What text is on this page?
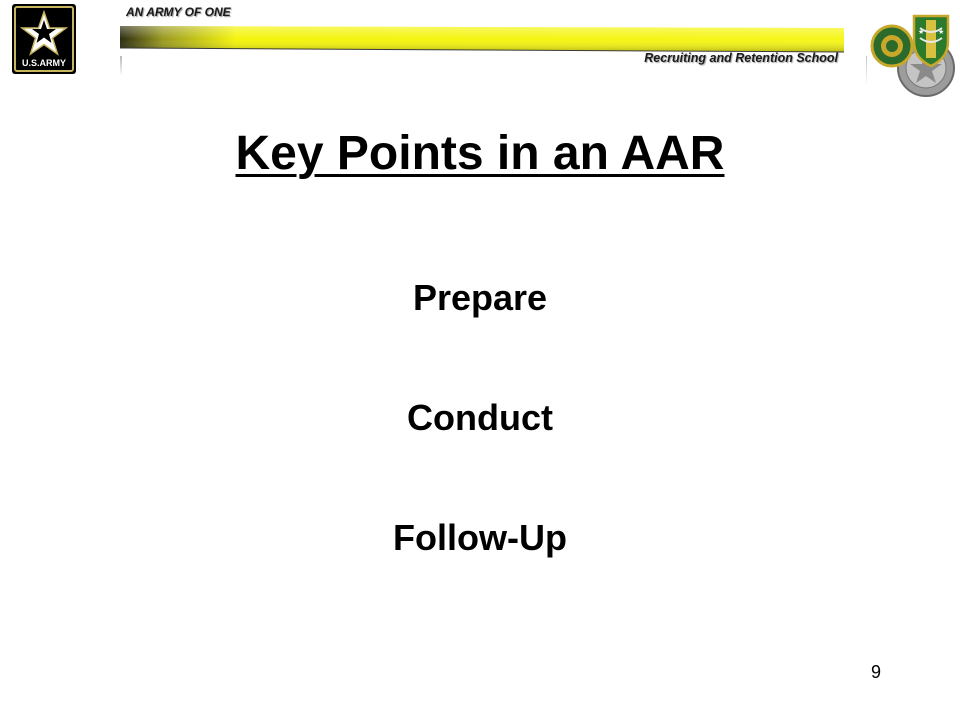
U.S.ARMY
AN ARMY OF ONE
Recruiting and Retention School
★ ★
Key Points in an AAR
Prepare
Conduct
Follow-Up
9
